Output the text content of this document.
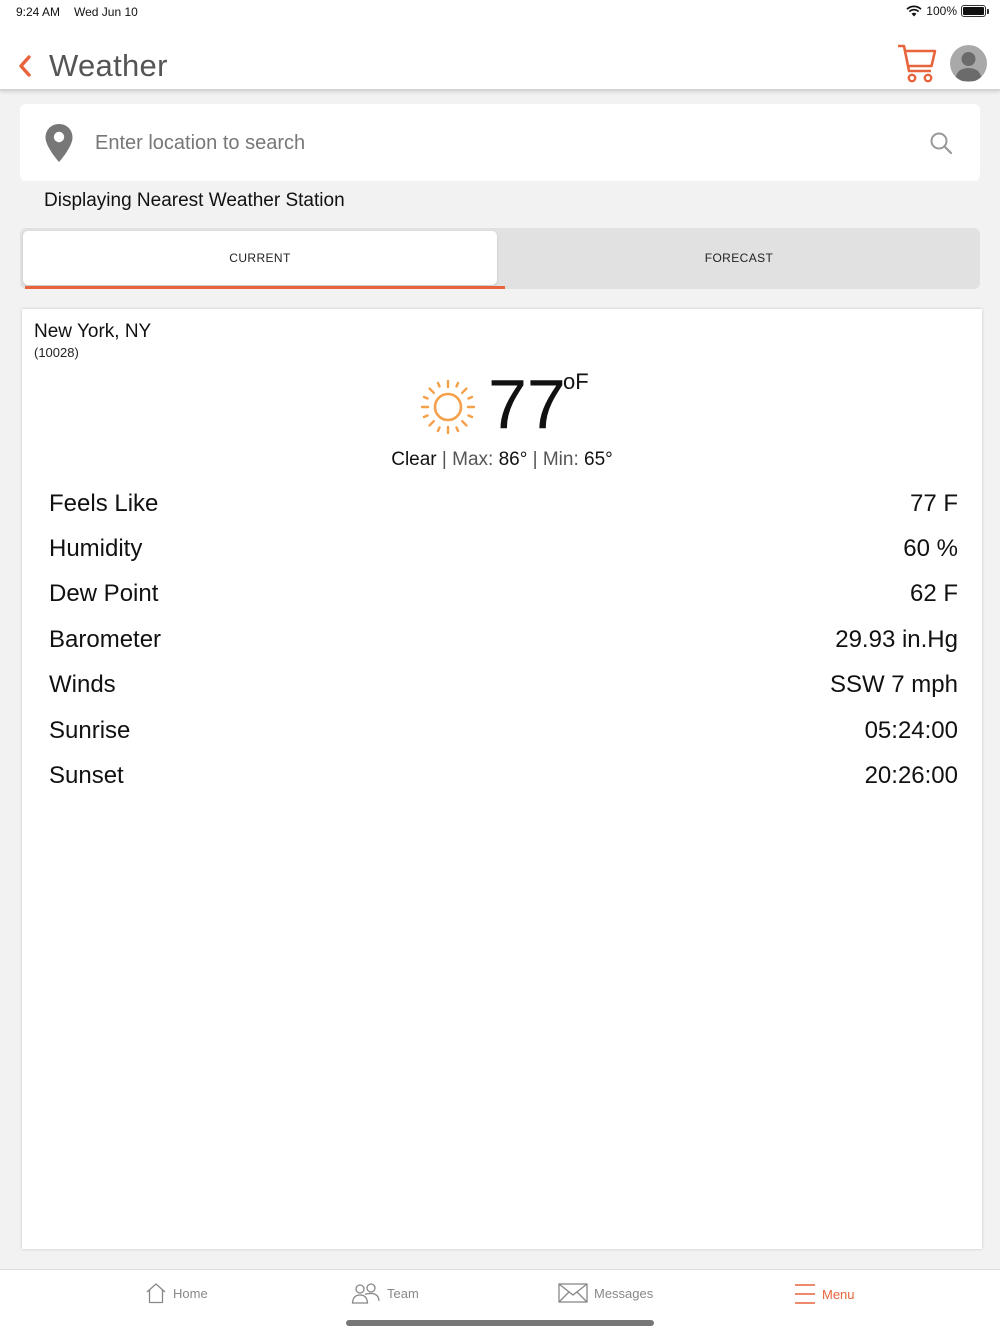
9:24 AM Wed Jun 10	100%
Weather
Enter location to search
Displaying Nearest Weather Station
CURRENT	FORECAST
New York, NY
(10028)
77
oF
Clear | Max: 86° | Min: 65°
Feels Like	77 F
Humidity	60 %
Dew Point	62 F
Barometer	29.93 in.Hg
Winds	SSW 7 mph
Sunrise	05:24:00
Sunset	20:26:00
Home	Team	Messages	Menu
